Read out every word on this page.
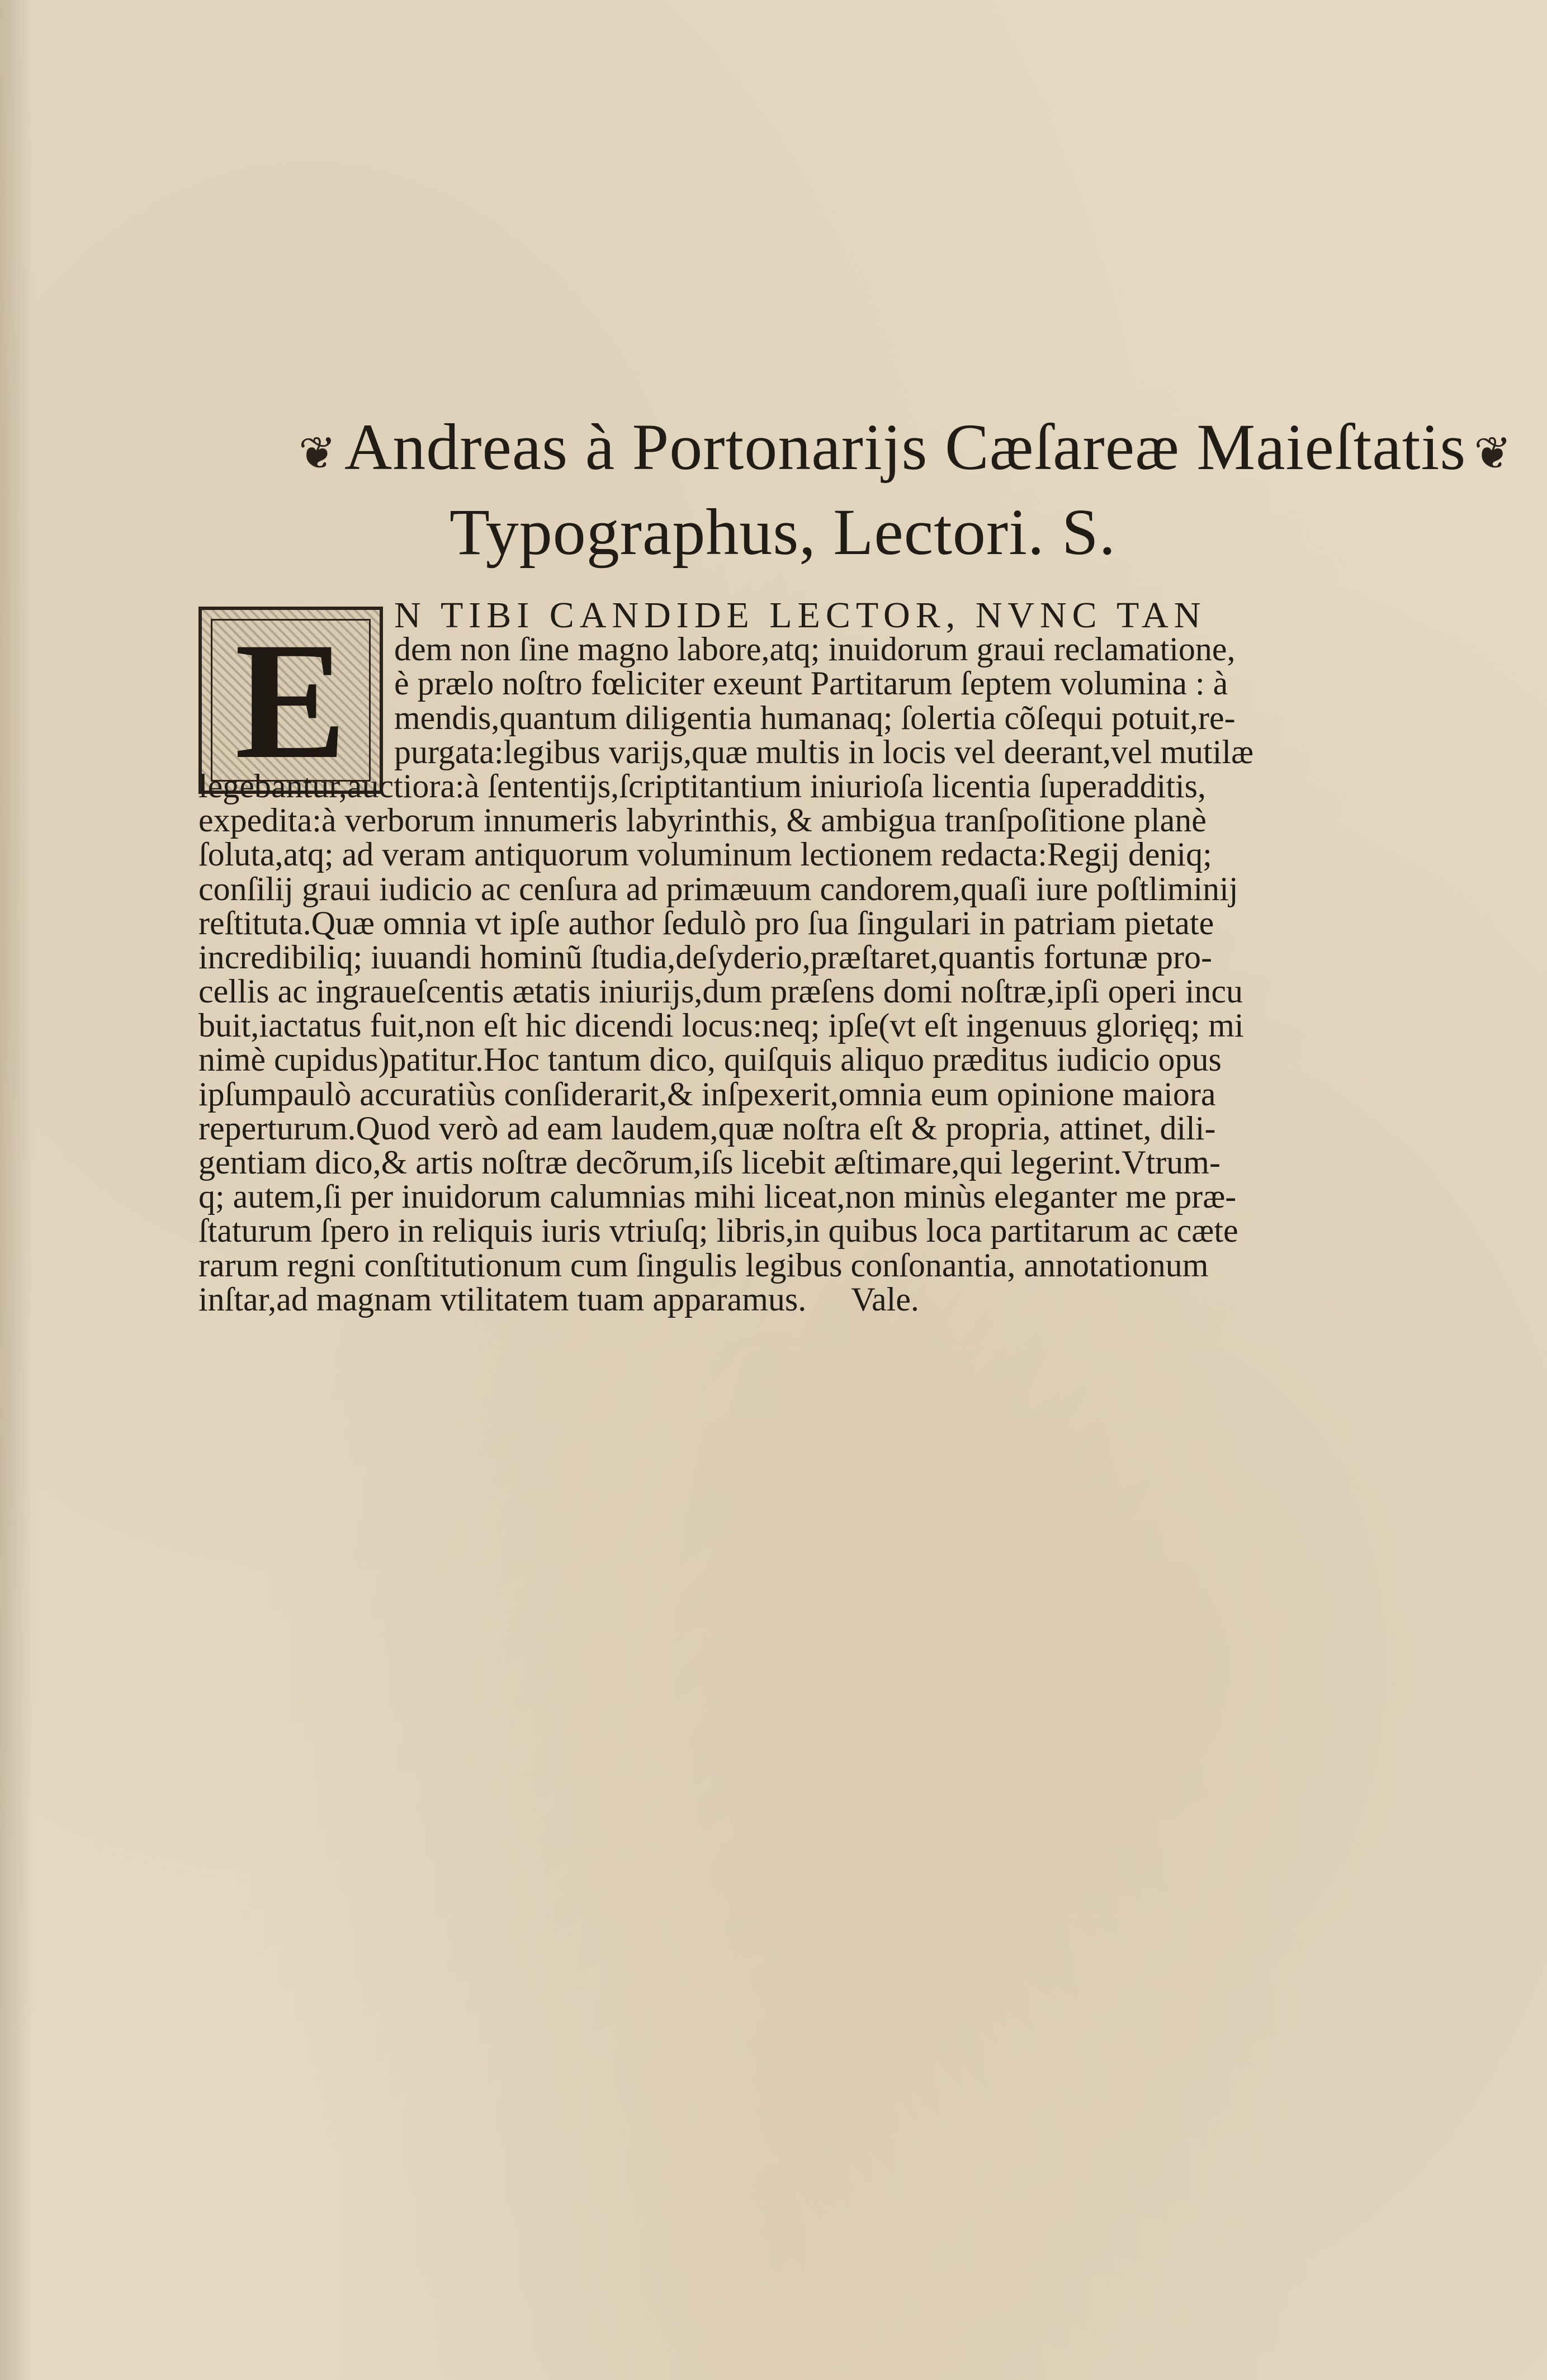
❦ Andreas à Portonarijs Cæſareæ Maieſtatis ❦
Typographus, Lectori. S.
E	N TIBI CANDIDE LECTOR, NVNC TAN
dem non ſine magno labore,atq; inuidorum graui reclamatione,
è prælo noſtro fœliciter exeunt Partitarum ſeptem volumina : à
mendis,quantum diligentia humanaq; ſolertia cõſequi potuit,re-
purgata:legibus varijs,quæ multis in locis vel deerant,vel mutilæ
legebantur,auctiora:à ſententijs,ſcriptitantium iniurioſa licentia ſuperadditis,
expedita:à verborum innumeris labyrinthis, & ambigua tranſpoſitione planè
ſoluta,atq; ad veram antiquorum voluminum lectionem redacta:Regij deniq;
conſilij graui iudicio ac cenſura ad primæuum candorem,quaſi iure poſtliminij
reſtituta.Quæ omnia vt ipſe author ſedulò pro ſua ſingulari in patriam pietate
incredibiliq; iuuandi hominũ ſtudia,deſyderio,præſtaret,quantis fortunæ pro-
cellis ac ingraueſcentis ætatis iniurijs,dum præſens domi noſtræ,ipſi operi incu
buit,iactatus fuit,non eſt hic dicendi locus:neq; ipſe(vt eſt ingenuus glorięq; mi
nimè cupidus)patitur.Hoc tantum dico, quiſquis aliquo præditus iudicio opus
ipſumpaulò accuratiùs conſiderarit,& inſpexerit,omnia eum opinione maiora
reperturum.Quod verò ad eam laudem,quæ noſtra eſt & propria, attinet, dili-
gentiam dico,& artis noſtræ decõrum,iſs licebit æſtimare,qui legerint.Vtrum-
q; autem,ſi per inuidorum calumnias mihi liceat,non minùs eleganter me præ-
ſtaturum ſpero in reliquis iuris vtriuſq; libris,in quibus loca partitarum ac cæte
rarum regni conſtitutionum cum ſingulis legibus conſonantia, annotationum
inſtar,ad magnam vtilitatem tuam apparamus. Vale.
